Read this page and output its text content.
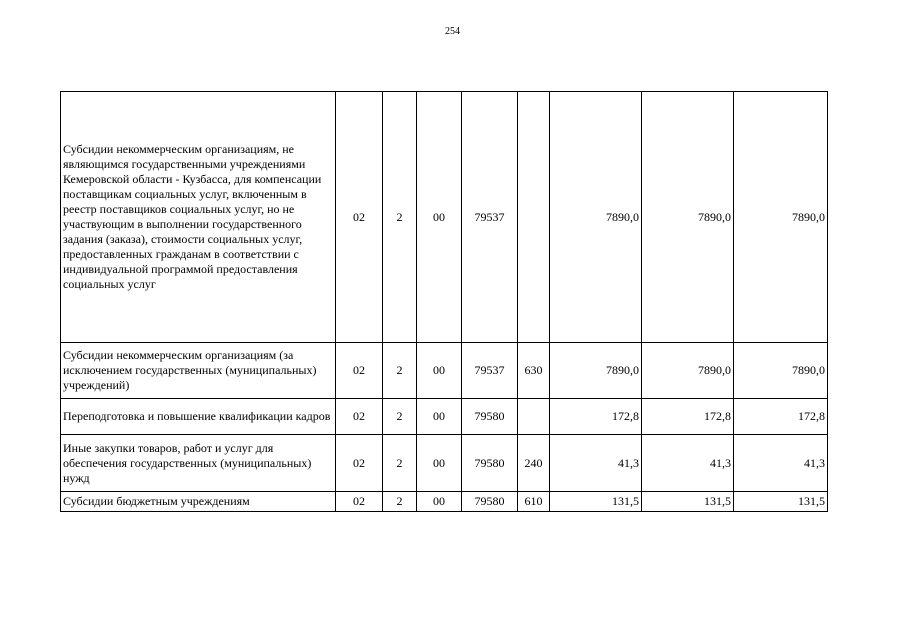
254
Субсидии некоммерческим организациям, не являющимся государственными учреждениями Кемеровской области - Кузбасса, для компенсации поставщикам социальных услуг, включенным в реестр поставщиков социальных услуг, но не участвующим в выполнении государственного задания (заказа), стоимости социальных услуг, предоставленных гражданам в соответствии с индивидуальной программой предоставления социальных услуг	02	2	00	79537		7890,0	7890,0	7890,0
Субсидии некоммерческим организациям (за исключением государственных (муниципальных) учреждений)	02	2	00	79537	630	7890,0	7890,0	7890,0
Переподготовка и повышение квалификации кадров	02	2	00	79580		172,8	172,8	172,8
Иные закупки товаров, работ и услуг для обеспечения государственных (муниципальных) нужд	02	2	00	79580	240	41,3	41,3	41,3
Субсидии бюджетным учреждениям	02	2	00	79580	610	131,5	131,5	131,5
